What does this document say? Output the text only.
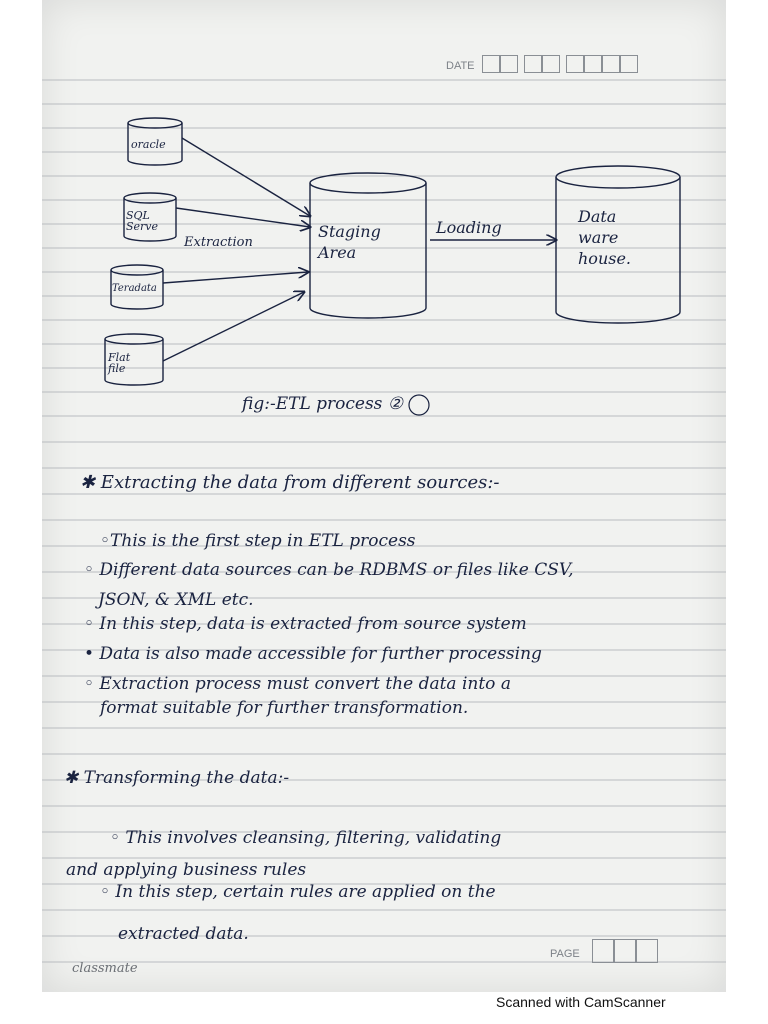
DATE
oracle
SQL Serve
Teradata
Flat file
Extraction
Staging Area
Loading
Data ware house.
fig:-ETL process ②
✱ Extracting the data from different sources:-
◦This is the first step in ETL process
◦ Different data sources can be RDBMS or files like CSV,
JSON, & XML etc.
◦ In this step, data is extracted from source system
• Data is also made accessible for further processing
◦ Extraction process must convert the data into a
format suitable for further transformation.
✱ Transforming the data:-
◦ This involves cleansing, filtering, validating
and applying business rules
◦ In this step, certain rules are applied on the
extracted data.
PAGE
classmate
Scanned with CamScanner
